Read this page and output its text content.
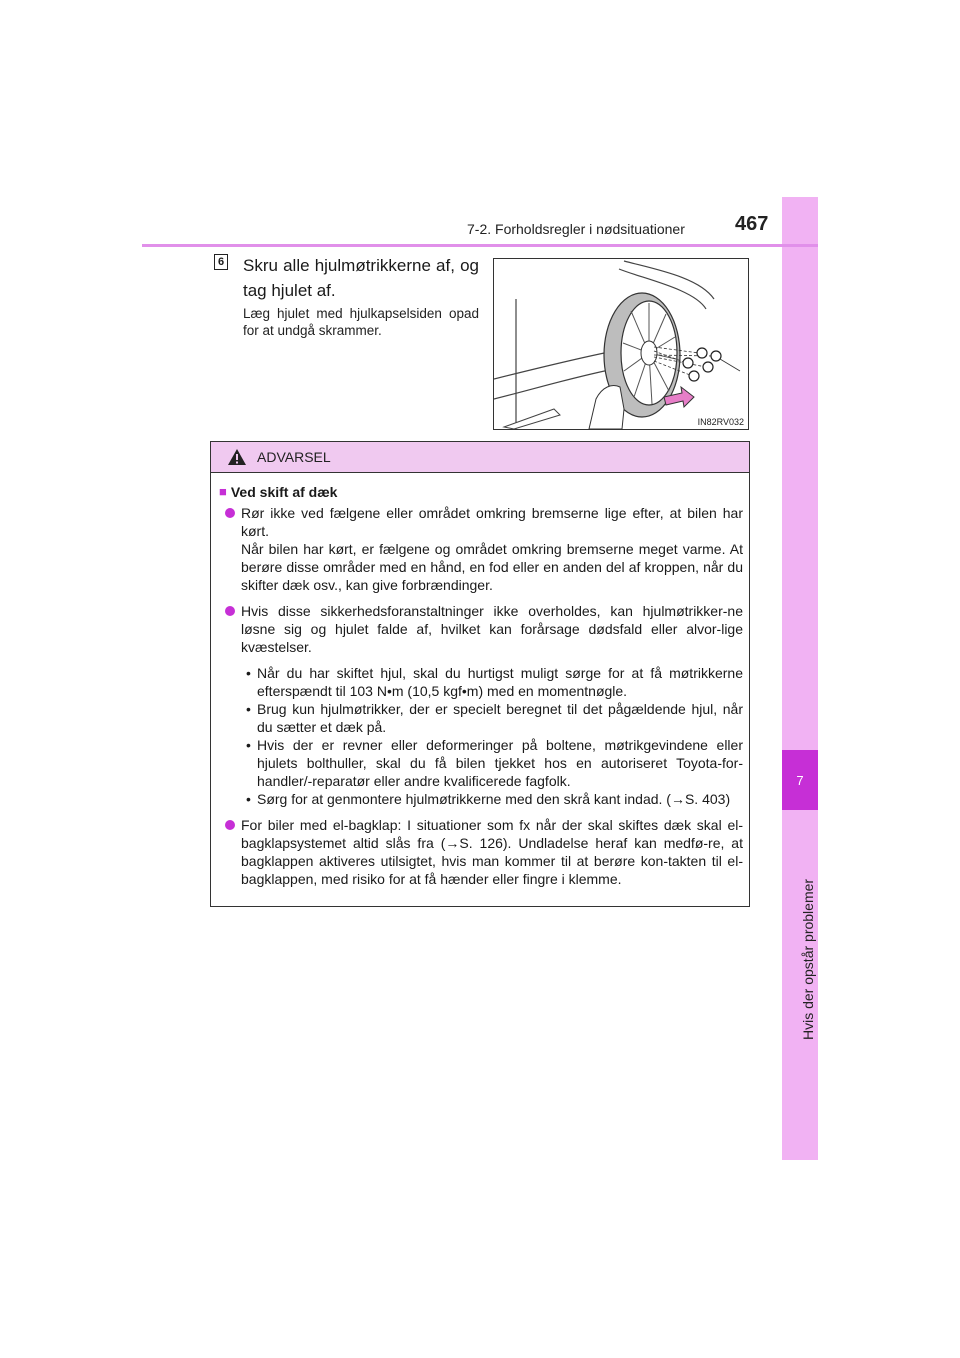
7
Hvis der opstår problemer
7-2. Forholdsregler i nødsituationer	467
6 Skru alle hjulmøtrikkerne af, og tag hjulet af.
Læg hjulet med hjulkapselsiden opad for at undgå skrammer.
IN82RV032
ADVARSEL
■ Ved skift af dæk
Rør ikke ved fælgene eller området omkring bremserne lige efter, at bilen har kørt.
Når bilen har kørt, er fælgene og området omkring bremserne meget varme. At berøre disse områder med en hånd, en fod eller en anden del af kroppen, når du skifter dæk osv., kan give forbrændinger.
Hvis disse sikkerhedsforanstaltninger ikke overholdes, kan hjulmøtrikker-ne løsne sig og hjulet falde af, hvilket kan forårsage dødsfald eller alvor-lige kvæstelser.
• Når du har skiftet hjul, skal du hurtigst muligt sørge for at få møtrikkerne efterspændt til 103 N•m (10,5 kgf•m) med en momentnøgle.
• Brug kun hjulmøtrikker, der er specielt beregnet til det pågældende hjul, når du sætter et dæk på.
• Hvis der er revner eller deformeringer på boltene, møtrikgevindene eller hjulets bolthuller, skal du få bilen tjekket hos en autoriseret Toyota-for-handler/-reparatør eller andre kvalificerede fagfolk.
• Sørg for at genmontere hjulmøtrikkerne med den skrå kant indad. (→S. 403)
For biler med el-bagklap: I situationer som fx når der skal skiftes dæk skal el-bagklapsystemet altid slås fra (→S. 126). Undladelse heraf kan medfø-re, at bagklappen aktiveres utilsigtet, hvis man kommer til at berøre kon-takten til el-bagklappen, med risiko for at få hænder eller fingre i klemme.
